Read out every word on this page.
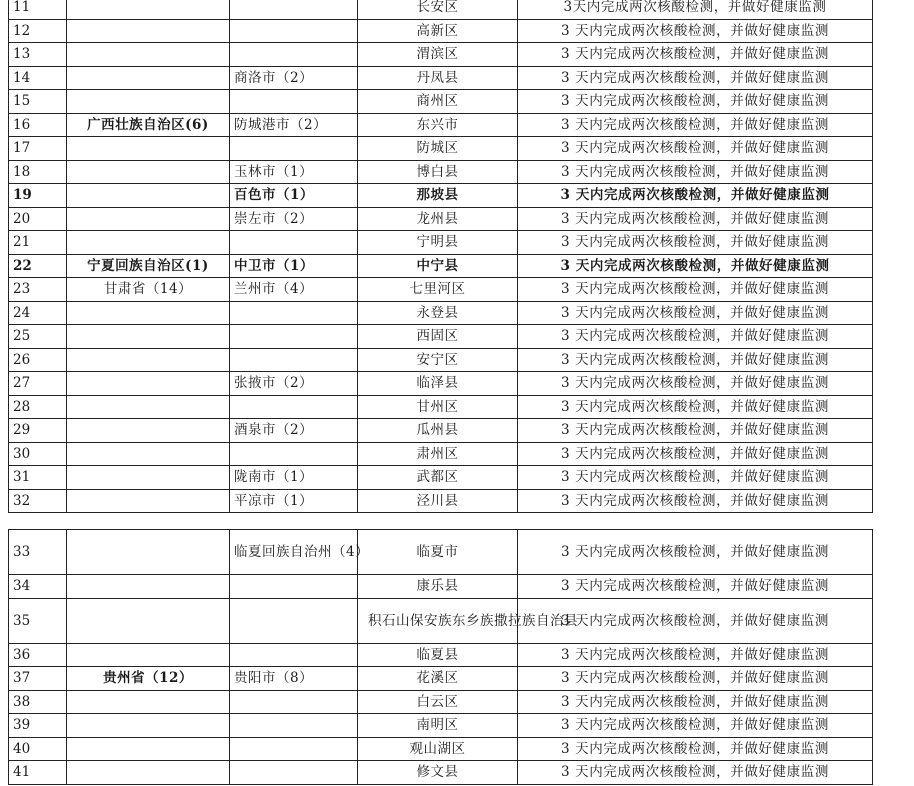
11			长安区	3天内完成两次核酸检测，并做好健康监测
12			高新区	3 天内完成两次核酸检测，并做好健康监测
13			渭滨区	3 天内完成两次核酸检测，并做好健康监测
14		商洛市（2）	丹凤县	3 天内完成两次核酸检测，并做好健康监测
15			商州区	3 天内完成两次核酸检测，并做好健康监测
16	广西壮族自治区(6)	防城港市（2）	东兴市	3 天内完成两次核酸检测，并做好健康监测
17			防城区	3 天内完成两次核酸检测，并做好健康监测
18		玉林市（1）	博白县	3 天内完成两次核酸检测，并做好健康监测
19		百色市（1）	那坡县	3 天内完成两次核酸检测，并做好健康监测
20		崇左市（2）	龙州县	3 天内完成两次核酸检测，并做好健康监测
21			宁明县	3 天内完成两次核酸检测，并做好健康监测
22	宁夏回族自治区(1)	中卫市（1）	中宁县	3 天内完成两次核酸检测，并做好健康监测
23	甘肃省（14）	兰州市（4）	七里河区	3 天内完成两次核酸检测，并做好健康监测
24			永登县	3 天内完成两次核酸检测，并做好健康监测
25			西固区	3 天内完成两次核酸检测，并做好健康监测
26			安宁区	3 天内完成两次核酸检测，并做好健康监测
27		张掖市（2）	临泽县	3 天内完成两次核酸检测，并做好健康监测
28			甘州区	3 天内完成两次核酸检测，并做好健康监测
29		酒泉市（2）	瓜州县	3 天内完成两次核酸检测，并做好健康监测
30			肃州区	3 天内完成两次核酸检测，并做好健康监测
31		陇南市（1）	武都区	3 天内完成两次核酸检测，并做好健康监测
32		平凉市（1）	泾川县	3 天内完成两次核酸检测，并做好健康监测
33		临夏回族自治州（4）	临夏市	3 天内完成两次核酸检测，并做好健康监测
34			康乐县	3 天内完成两次核酸检测，并做好健康监测
35			积石山保安族东乡族撒拉族自治县	3 天内完成两次核酸检测，并做好健康监测
36			临夏县	3 天内完成两次核酸检测，并做好健康监测
37	贵州省（12）	贵阳市（8）	花溪区	3 天内完成两次核酸检测，并做好健康监测
38			白云区	3 天内完成两次核酸检测，并做好健康监测
39			南明区	3 天内完成两次核酸检测，并做好健康监测
40			观山湖区	3 天内完成两次核酸检测，并做好健康监测
41			修文县	3 天内完成两次核酸检测，并做好健康监测
